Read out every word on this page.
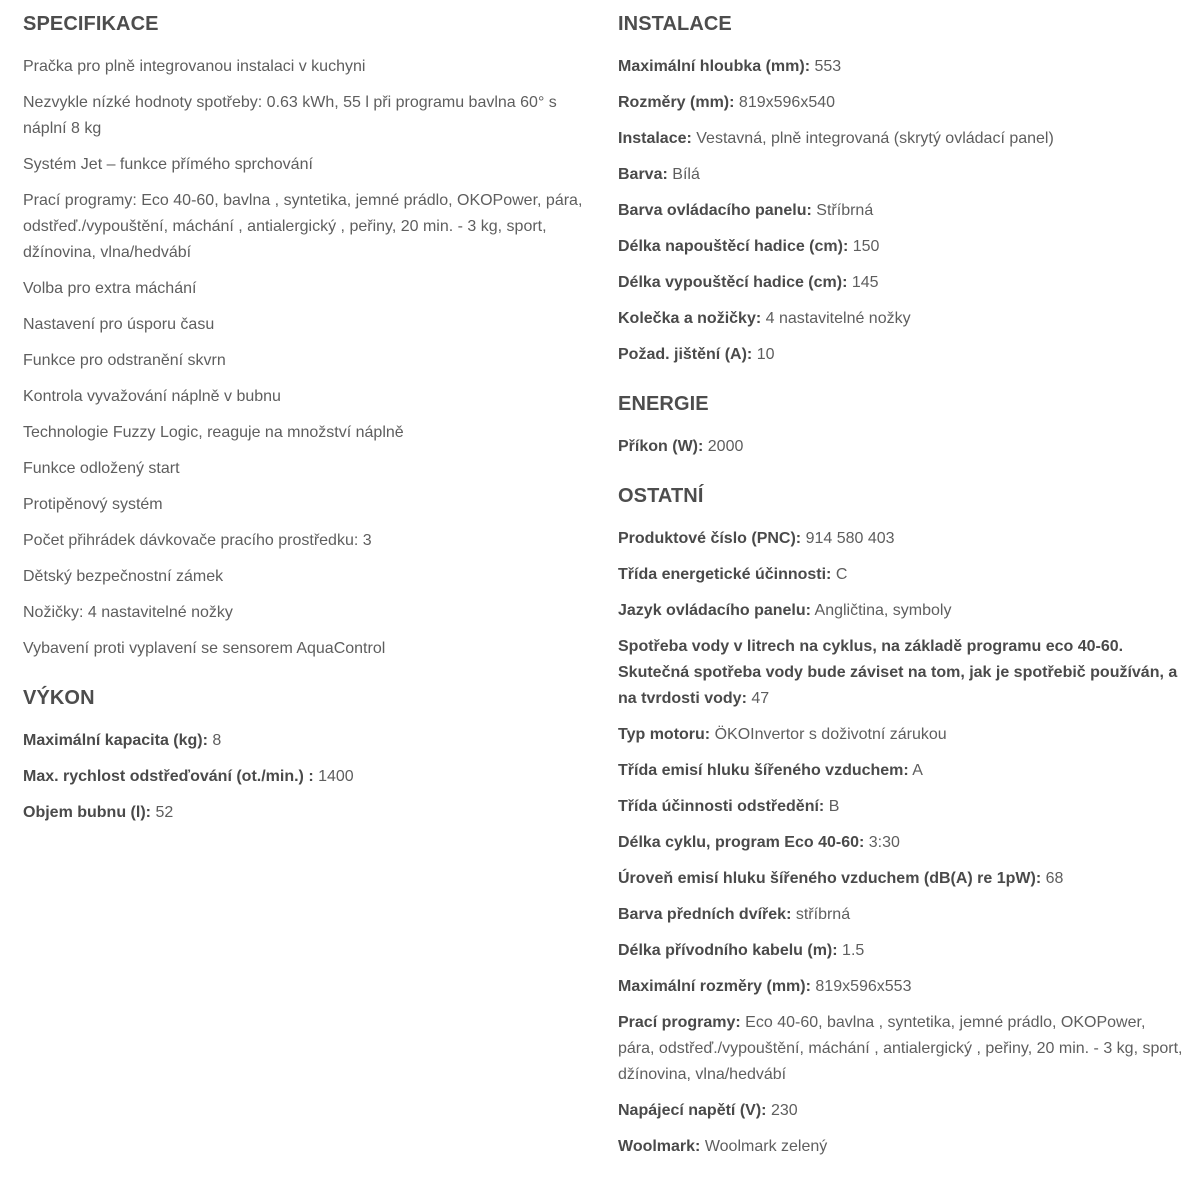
SPECIFIKACE
Pračka pro plně integrovanou instalaci v kuchyni
Nezvykle nízké hodnoty spotřeby: 0.63 kWh, 55 l při programu bavlna 60° s náplní 8 kg
Systém Jet – funkce přímého sprchování
Prací programy: Eco 40-60, bavlna , syntetika, jemné prádlo, OKOPower, pára, odstřeď./vypouštění, máchání , antialergický , peřiny, 20 min. - 3 kg, sport, džínovina, vlna/hedvábí
Volba pro extra máchání
Nastavení pro úsporu času
Funkce pro odstranění skvrn
Kontrola vyvažování náplně v bubnu
Technologie Fuzzy Logic, reaguje na množství náplně
Funkce odložený start
Protipěnový systém
Počet přihrádek dávkovače pracího prostředku: 3
Dětský bezpečnostní zámek
Nožičky: 4 nastavitelné nožky
Vybavení proti vyplavení se sensorem AquaControl
VÝKON
Maximální kapacita (kg): 8
Max. rychlost odstřeďování (ot./min.) : 1400
Objem bubnu (l): 52
INSTALACE
Maximální hloubka (mm): 553
Rozměry (mm): 819x596x540
Instalace: Vestavná, plně integrovaná (skrytý ovládací panel)
Barva: Bílá
Barva ovládacího panelu: Stříbrná
Délka napouštěcí hadice (cm): 150
Délka vypouštěcí hadice (cm): 145
Kolečka a nožičky: 4 nastavitelné nožky
Požad. jištění (A): 10
ENERGIE
Příkon (W): 2000
OSTATNÍ
Produktové číslo (PNC): 914 580 403
Třída energetické účinnosti: C
Jazyk ovládacího panelu: Angličtina, symboly
Spotřeba vody v litrech na cyklus, na základě programu eco 40-60. Skutečná spotřeba vody bude záviset na tom, jak je spotřebič používán, a na tvrdosti vody: 47
Typ motoru: ÖKOInvertor s doživotní zárukou
Třída emisí hluku šířeného vzduchem: A
Třída účinnosti odstředění: B
Délka cyklu, program Eco 40-60: 3:30
Úroveň emisí hluku šířeného vzduchem (dB(A) re 1pW): 68
Barva předních dvířek: stříbrná
Délka přívodního kabelu (m): 1.5
Maximální rozměry (mm): 819x596x553
Prací programy: Eco 40-60, bavlna , syntetika, jemné prádlo, OKOPower, pára, odstřeď./vypouštění, máchání , antialergický , peřiny, 20 min. - 3 kg, sport, džínovina, vlna/hedvábí
Napájecí napětí (V): 230
Woolmark: Woolmark zelený
